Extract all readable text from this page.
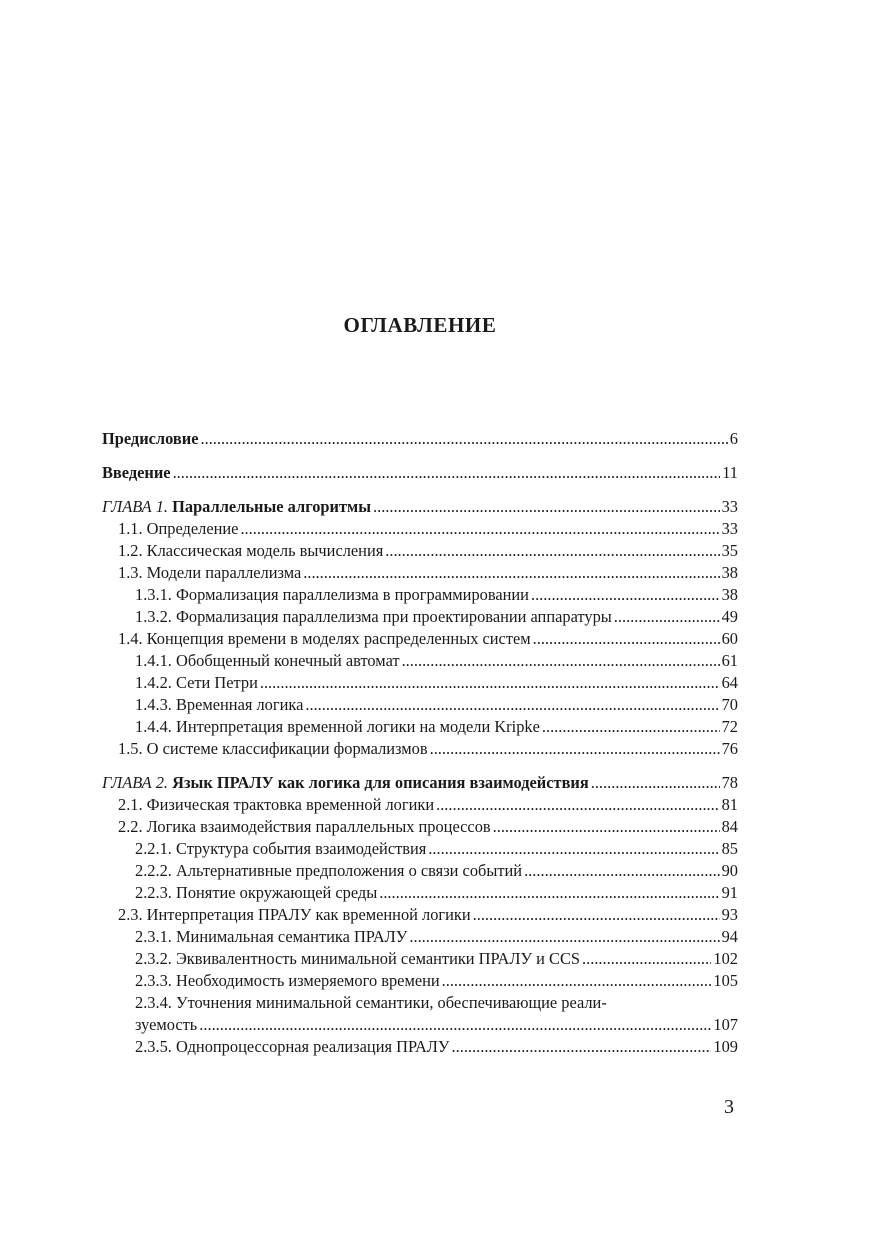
ОГЛАВЛЕНИЕ
Предисловие .....	6
Введение .....	11
ГЛАВА 1. Параллельные алгоритмы .....	33
1.1. Определение .....	33
1.2. Классическая модель вычисления .....	35
1.3. Модели параллелизма .....	38
1.3.1. Формализация параллелизма в программировании .....	38
1.3.2. Формализация параллелизма при проектировании аппаратуры .....	49
1.4. Концепция времени в моделях распределенных систем .....	60
1.4.1. Обобщенный конечный автомат .....	61
1.4.2. Сети Петри .....	64
1.4.3. Временная логика .....	70
1.4.4. Интерпретация временной логики на модели Kripke .....	72
1.5. О системе классификации формализмов .....	76
ГЛАВА 2. Язык ПРАЛУ как логика для описания взаимодействия .....	78
2.1. Физическая трактовка временной логики .....	81
2.2. Логика взаимодействия параллельных процессов .....	84
2.2.1. Структура события взаимодействия .....	85
2.2.2. Альтернативные предположения о связи событий .....	90
2.2.3. Понятие окружающей среды .....	91
2.3. Интерпретация ПРАЛУ как временной логики .....	93
2.3.1. Минимальная семантика ПРАЛУ .....	94
2.3.2. Эквивалентность минимальной семантики ПРАЛУ и CCS .....	102
2.3.3. Необходимость измеряемого времени .....	105
2.3.4. Уточнения минимальной семантики, обеспечивающие реали-
зуемость .....	107
2.3.5. Однопроцессорная реализация ПРАЛУ .....	109
3
